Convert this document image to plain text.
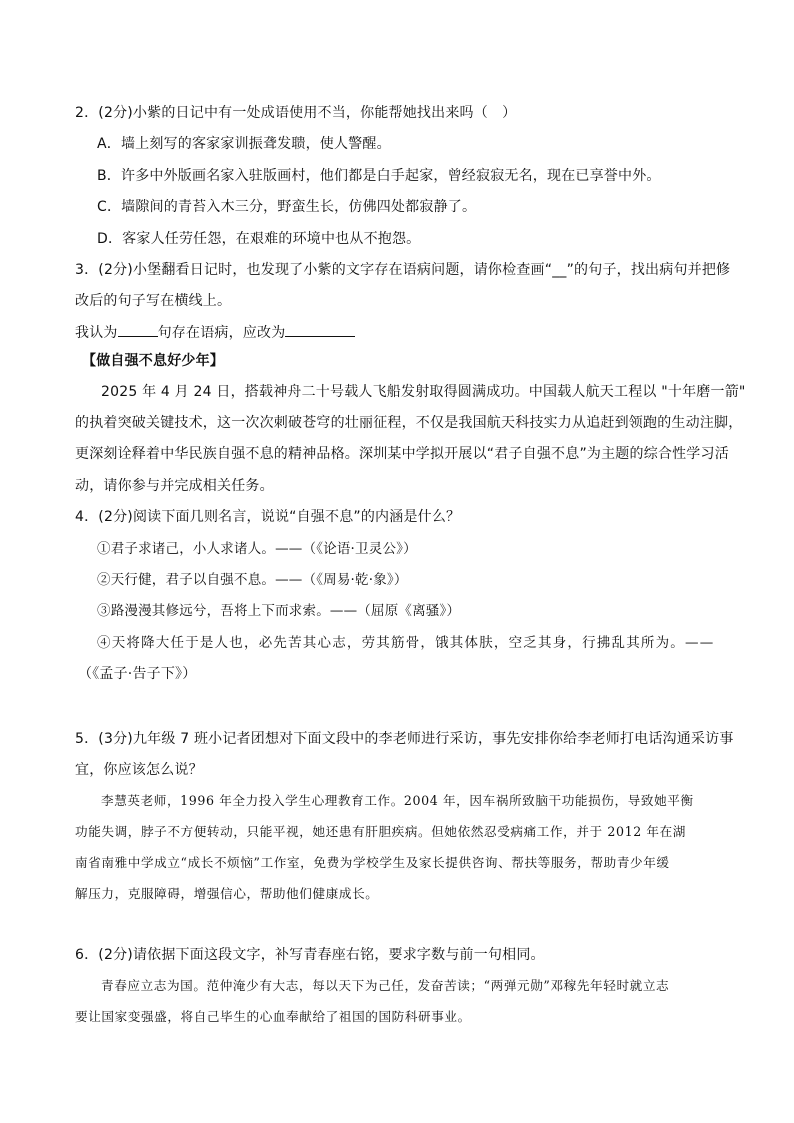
2．(2分)小紫的日记中有一处成语使用不当，你能帮她找出来吗（　）
A．墙上刻写的客家家训振聋发聩，使人警醒。
B．许多中外版画名家入驻版画村，他们都是白手起家，曾经寂寂无名，现在已享誉中外。
C．墙隙间的青苔入木三分，野蛮生长，仿佛四处都寂静了。
D．客家人任劳任怨，在艰难的环境中也从不抱怨。
3．(2分)小堡翻看日记时，也发现了小紫的文字存在语病问题，请你检查画“__”的句子，找出病句并把修
改后的句子写在横线上。
我认为	句存在语病，应改为
【做自强不息好少年】
2025 年 4 月 24 日，搭载神舟二十号载人飞船发射取得圆满成功。中国载人航天工程以 "十年磨一箭"
的执着突破关键技术，这一次次刺破苍穹的壮丽征程，不仅是我国航天科技实力从追赶到领跑的生动注脚，
更深刻诠释着中华民族自强不息的精神品格。深圳某中学拟开展以“君子自强不息”为主题的综合性学习活
动，请你参与并完成相关任务。
4．(2分)阅读下面几则名言，说说“自强不息”的内涵是什么？
①君子求诸己，小人求诸人。——（《论语·卫灵公》）
②天行健，君子以自强不息。——（《周易·乾·象》）
③路漫漫其修远兮，吾将上下而求索。——（屈原《离骚》）
④天将降大任于是人也，必先苦其心志，劳其筋骨，饿其体肤，空乏其身，行拂乱其所为。——
（《孟子·告子下》）
5．(3分)九年级 7 班小记者团想对下面文段中的李老师进行采访，事先安排你给李老师打电话沟通采访事
宜，你应该怎么说？
李慧英老师，1996 年全力投入学生心理教育工作。2004 年，因车祸所致脑干功能损伤，导致她平衡
功能失调，脖子不方便转动，只能平视，她还患有肝胆疾病。但她依然忍受病痛工作，并于 2012 年在湖
南省南雅中学成立“成长不烦恼”工作室，免费为学校学生及家长提供咨询、帮扶等服务，帮助青少年缓
解压力，克服障碍，增强信心，帮助他们健康成长。
6．(2分)请依据下面这段文字，补写青春座右铭，要求字数与前一句相同。
青春应立志为国。范仲淹少有大志，每以天下为己任，发奋苦读；“两弹元勋”邓稼先年轻时就立志
要让国家变强盛，将自己毕生的心血奉献给了祖国的国防科研事业。
